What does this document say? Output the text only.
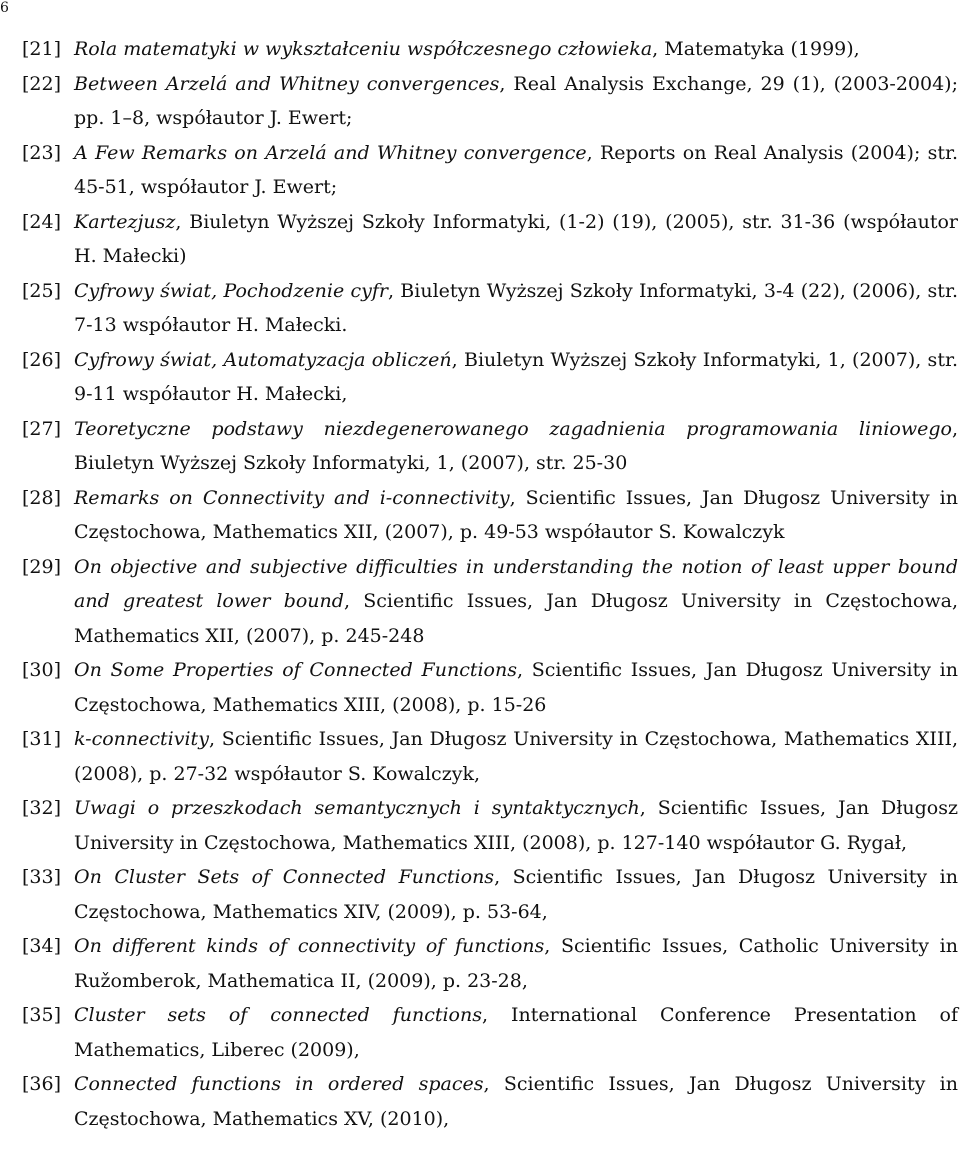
6
[21] Rola matematyki w wykształceniu współczesnego człowieka, Matematyka (1999),
[22] Between Arzelá and Whitney convergences, Real Analysis Exchange, 29 (1), (2003-2004); pp. 1–8, współautor J. Ewert;
[23] A Few Remarks on Arzelá and Whitney convergence, Reports on Real Analysis (2004); str. 45-51, współautor J. Ewert;
[24] Kartezjusz, Biuletyn Wyższej Szkoły Informatyki, (1-2) (19), (2005), str. 31-36 (współautor H. Małecki)
[25] Cyfrowy świat, Pochodzenie cyfr, Biuletyn Wyższej Szkoły Informatyki, 3-4 (22), (2006), str. 7-13 współautor H. Małecki.
[26] Cyfrowy świat, Automatyzacja obliczeń, Biuletyn Wyższej Szkoły Informatyki, 1, (2007), str. 9-11 współautor H. Małecki,
[27] Teoretyczne podstawy niezdegenerowanego zagadnienia programowania liniowego, Biuletyn Wyższej Szkoły Informatyki, 1, (2007), str. 25-30
[28] Remarks on Connectivity and i-connectivity, Scientific Issues, Jan Długosz University in Częstochowa, Mathematics XII, (2007), p. 49-53 współautor S. Kowalczyk
[29] On objective and subjective difficulties in understanding the notion of least upper bound and greatest lower bound, Scientific Issues, Jan Długosz University in Częstochowa, Mathematics XII, (2007), p. 245-248
[30] On Some Properties of Connected Functions, Scientific Issues, Jan Długosz University in Częstochowa, Mathematics XIII, (2008), p. 15-26
[31] k-connectivity, Scientific Issues, Jan Długosz University in Częstochowa, Mathematics XIII, (2008), p. 27-32 współautor S. Kowalczyk,
[32] Uwagi o przeszkodach semantycznych i syntaktycznych, Scientific Issues, Jan Długosz University in Częstochowa, Mathematics XIII, (2008), p. 127-140 współautor G. Rygał,
[33] On Cluster Sets of Connected Functions, Scientific Issues, Jan Długosz University in Częstochowa, Mathematics XIV, (2009), p. 53-64,
[34] On different kinds of connectivity of functions, Scientific Issues, Catholic University in Ružomberok, Mathematica II, (2009), p. 23-28,
[35] Cluster sets of connected functions, International Conference Presentation of Mathematics, Liberec (2009),
[36] Connected functions in ordered spaces, Scientific Issues, Jan Długosz University in Częstochowa, Mathematics XV, (2010),
